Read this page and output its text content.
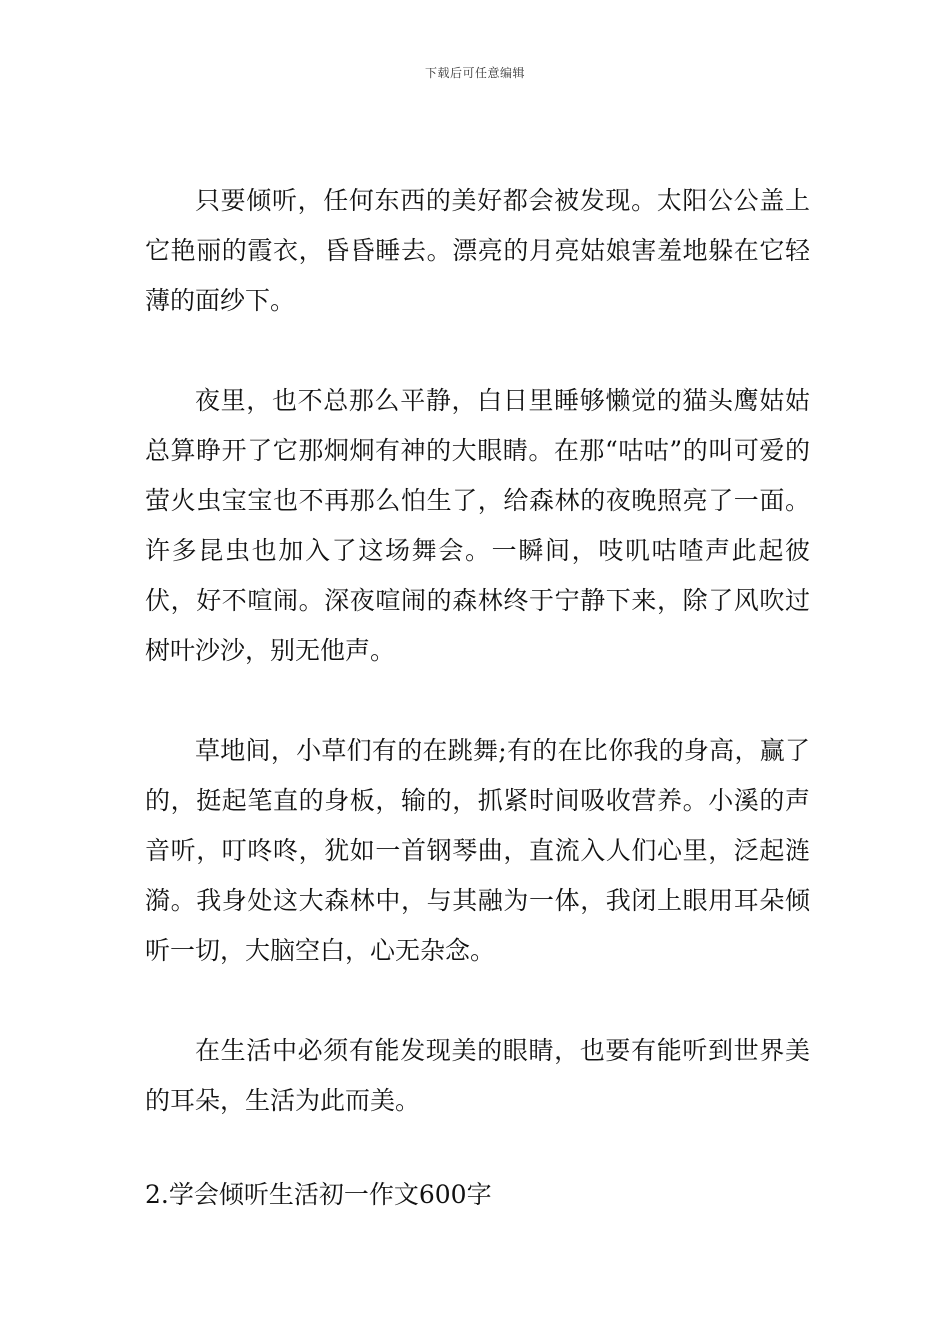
下载后可任意编辑

只要倾听，任何东西的美好都会被发现。太阳公公盖上它艳丽的霞衣，昏昏睡去。漂亮的月亮姑娘害羞地躲在它轻薄的面纱下。

夜里，也不总那么平静，白日里睡够懒觉的猫头鹰姑姑总算睁开了它那炯炯有神的大眼睛。在那“咕咕”的叫可爱的萤火虫宝宝也不再那么怕生了，给森林的夜晚照亮了一面。许多昆虫也加入了这场舞会。一瞬间，吱叽咕喳声此起彼伏，好不喧闹。深夜喧闹的森林终于宁静下来，除了风吹过树叶沙沙，别无他声。

草地间，小草们有的在跳舞;有的在比你我的身高，赢了的，挺起笔直的身板，输的，抓紧时间吸收营养。小溪的声音听，叮咚咚，犹如一首钢琴曲，直流入人们心里，泛起涟漪。我身处这大森林中，与其融为一体，我闭上眼用耳朵倾听一切，大脑空白，心无杂念。

在生活中必须有能发现美的眼睛，也要有能听到世界美的耳朵，生活为此而美。

2.学会倾听生活初一作文600字
